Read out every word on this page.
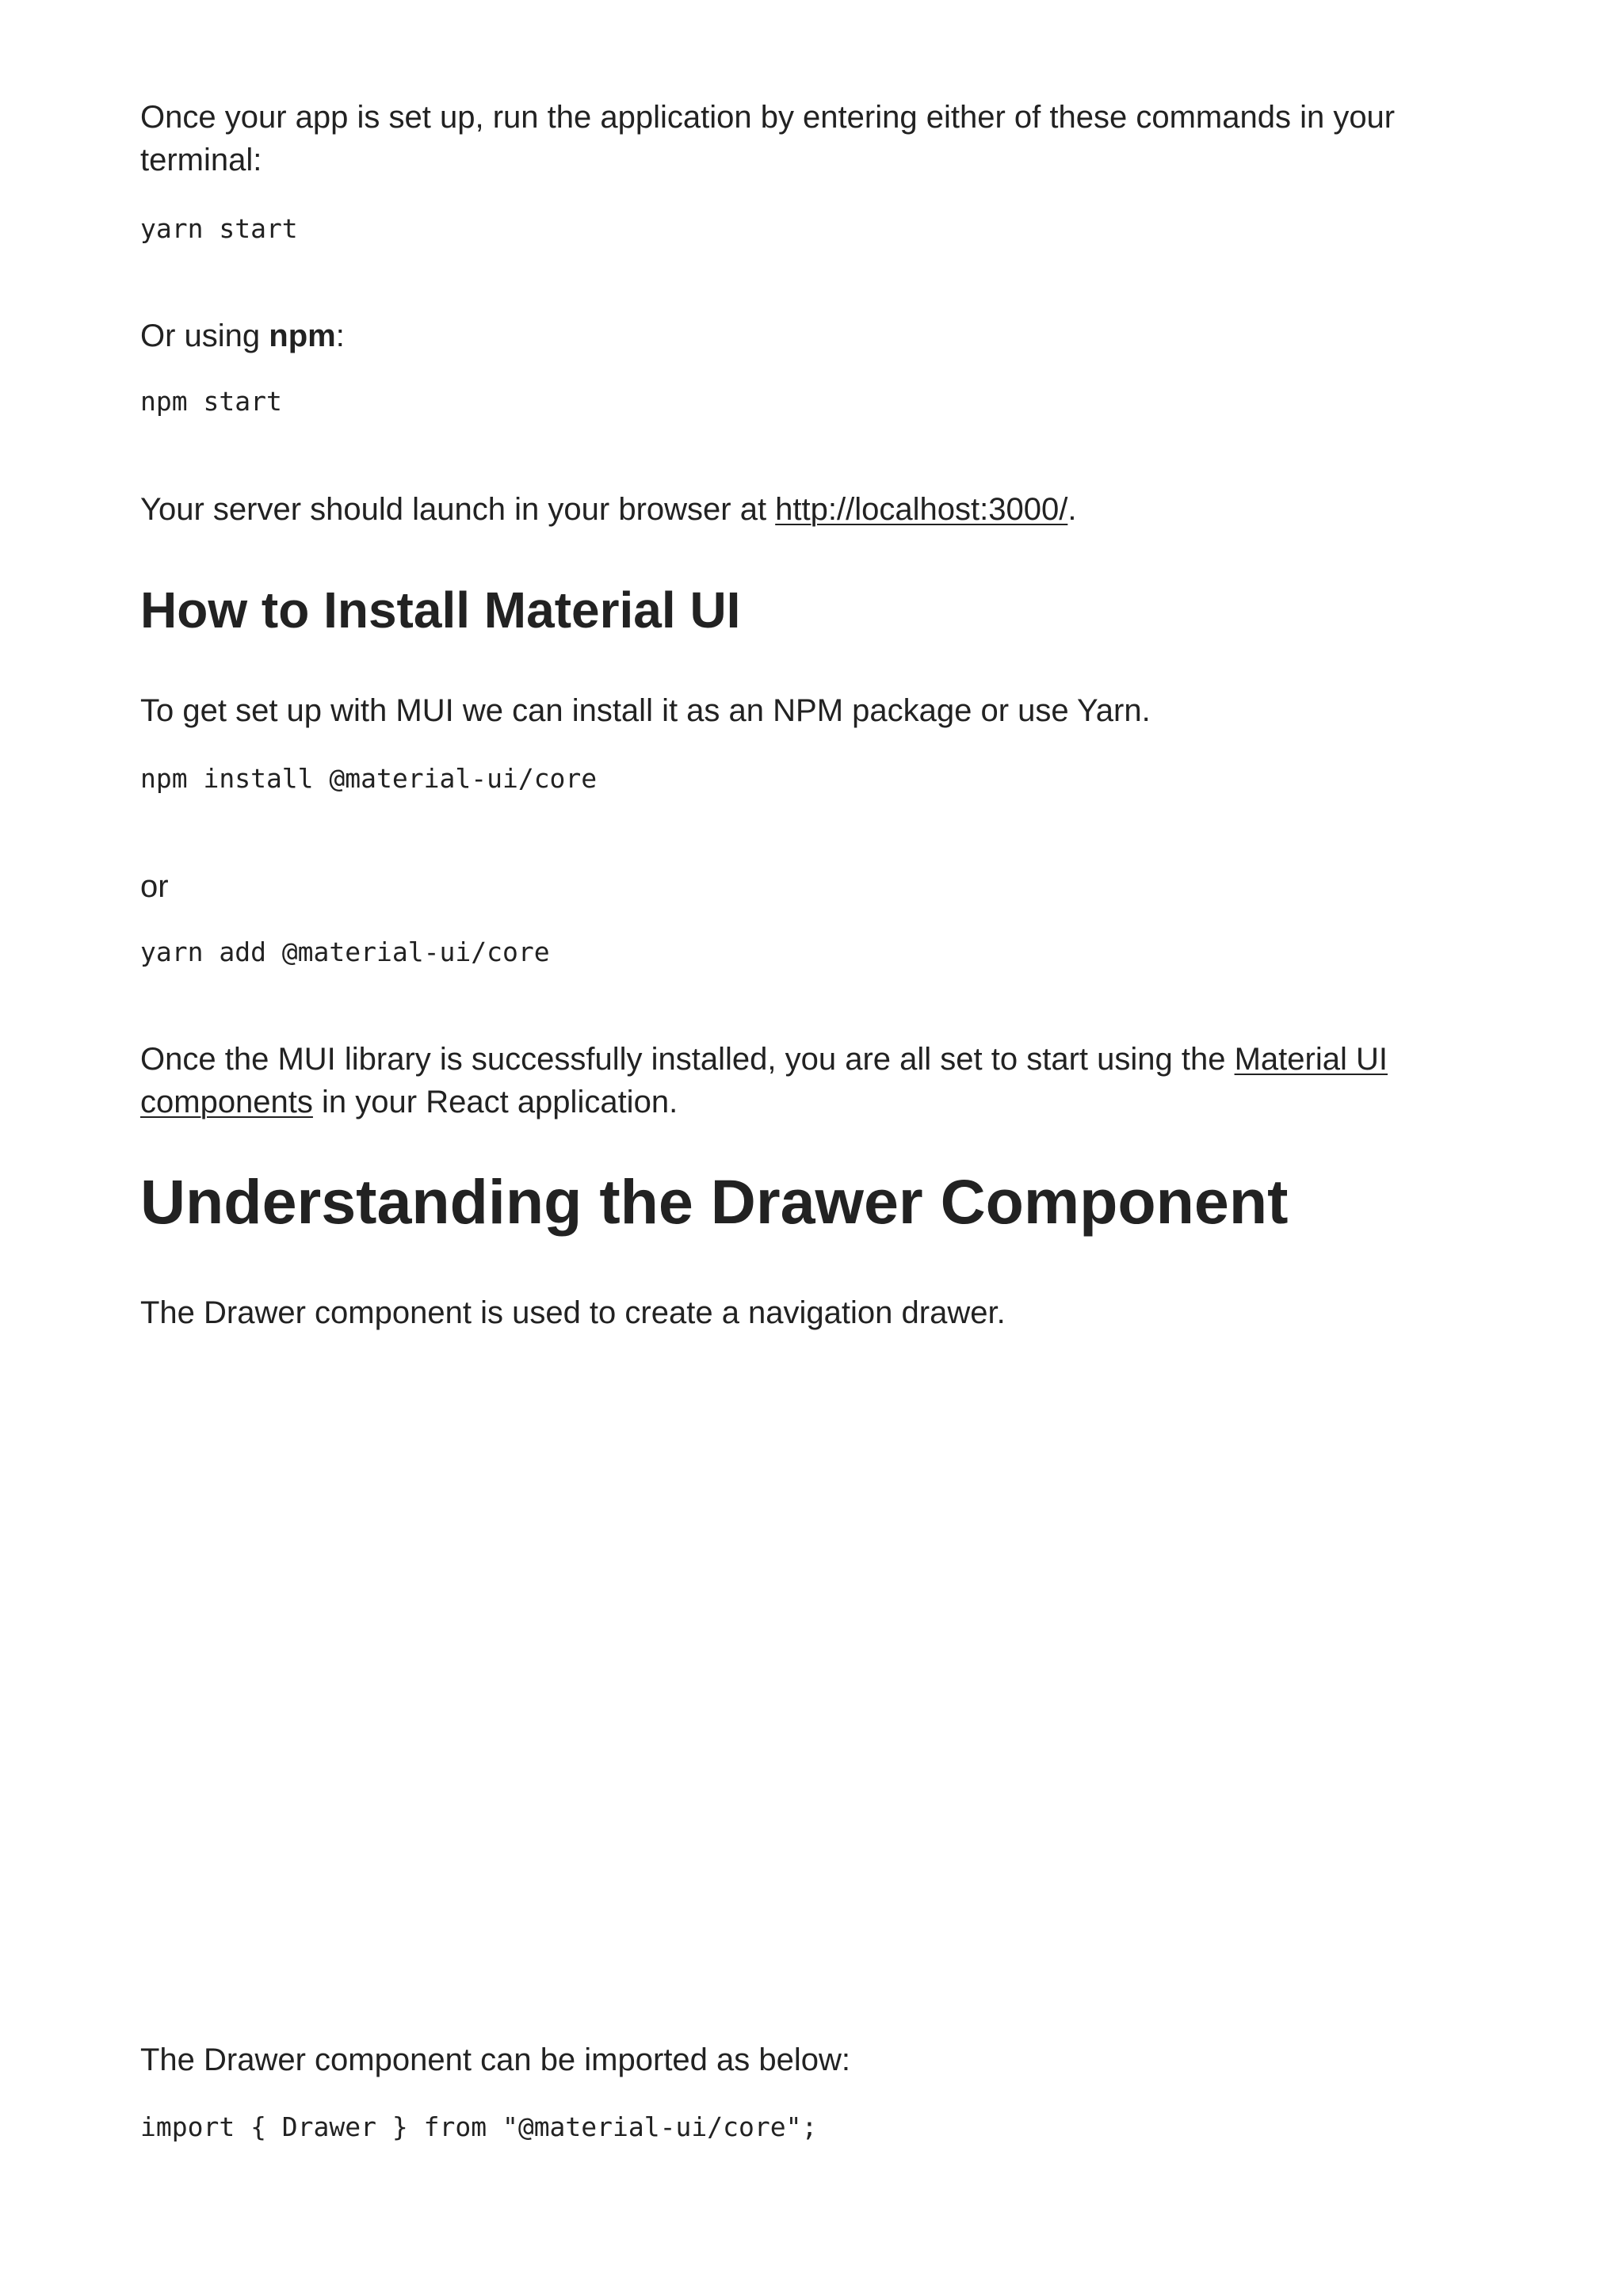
Once your app is set up, run the application by entering either of these commands in your

terminal:

yarn start

Or using npm:

npm start

Your server should launch in your browser at http://localhost:3000/.

How to Install Material UI

To get set up with MUI we can install it as an NPM package or use Yarn.

npm install @material-ui/core

or

yarn add @material-ui/core

Once the MUI library is successfully installed, you are all set to start using the Material UI

components in your React application.

Understanding the Drawer Component

The Drawer component is used to create a navigation drawer.

The Drawer component can be imported as below:

import { Drawer } from "@material-ui/core";
